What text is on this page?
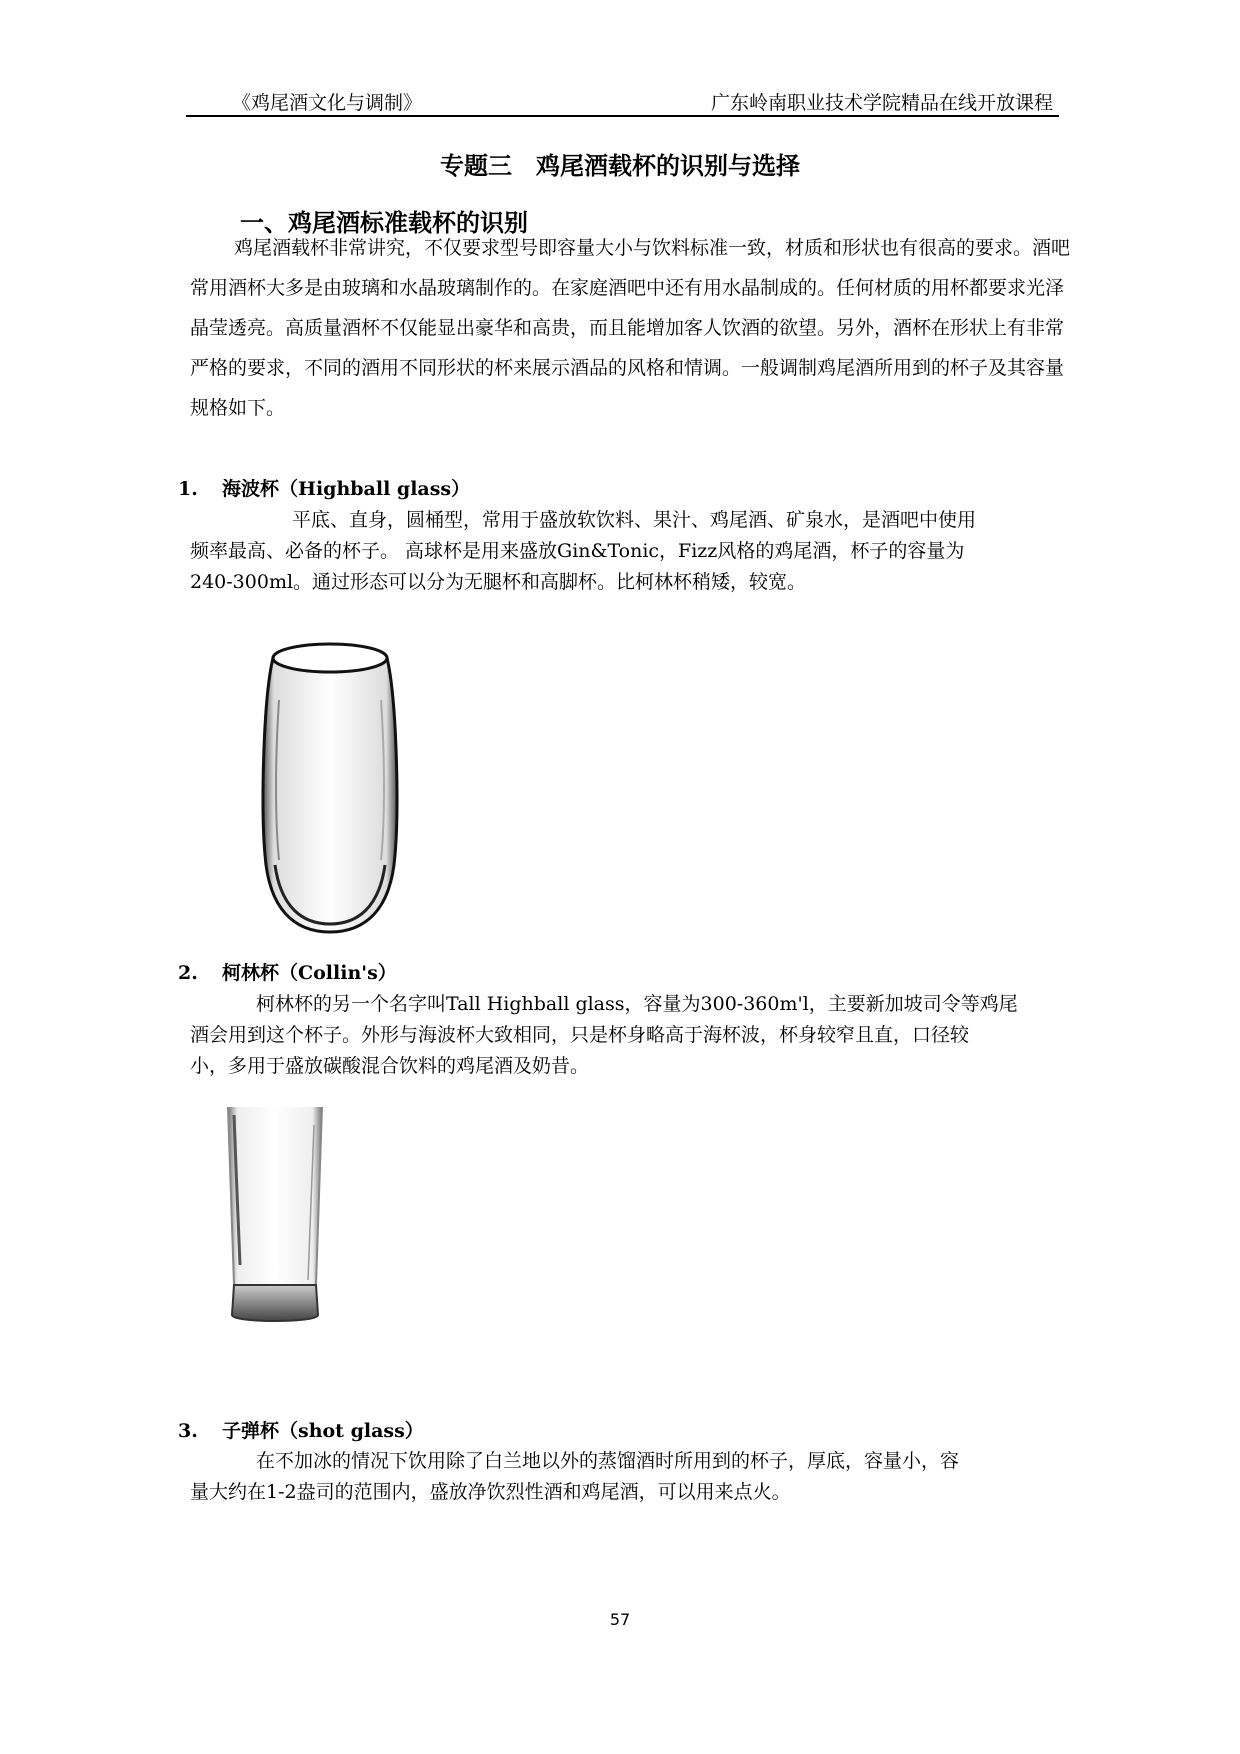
《鸡尾酒文化与调制》	广东岭南职业技术学院精品在线开放课程
专题三　鸡尾酒载杯的识别与选择
一、鸡尾酒标准载杯的识别

鸡尾酒载杯非常讲究，不仅要求型号即容量大小与饮料标准一致，材质和形状也有很高的要求。酒吧常用酒杯大多是由玻璃和水晶玻璃制作的。在家庭酒吧中还有用水晶制成的。任何材质的用杯都要求光泽晶莹透亮。高质量酒杯不仅能显出豪华和高贵，而且能增加客人饮酒的欲望。另外，酒杯在形状上有非常严格的要求，不同的酒用不同形状的杯来展示酒品的风格和情调。一般调制鸡尾酒所用到的杯子及其容量规格如下。

1. 海波杯（Highball glass）
平底、直身，圆桶型，常用于盛放软饮料、果汁、鸡尾酒、矿泉水，是酒吧中使用
频率最高、必备的杯子。 高球杯是用来盛放Gin&Tonic，Fizz风格的鸡尾酒，杯子的容量为
240-300ml。通过形态可以分为无腿杯和高脚杯。比柯林杯稍矮，较宽。
2. 柯林杯（Collin's）
柯林杯的另一个名字叫Tall Highball glass，容量为300-360m'l，主要新加坡司令等鸡尾
酒会用到这个杯子。外形与海波杯大致相同，只是杯身略高于海杯波，杯身较窄且直，口径较
小，多用于盛放碳酸混合饮料的鸡尾酒及奶昔。
3. 子弹杯（shot glass）
在不加冰的情况下饮用除了白兰地以外的蒸馏酒时所用到的杯子，厚底，容量小，容
量大约在1-2盎司的范围内，盛放净饮烈性酒和鸡尾酒，可以用来点火。
57
